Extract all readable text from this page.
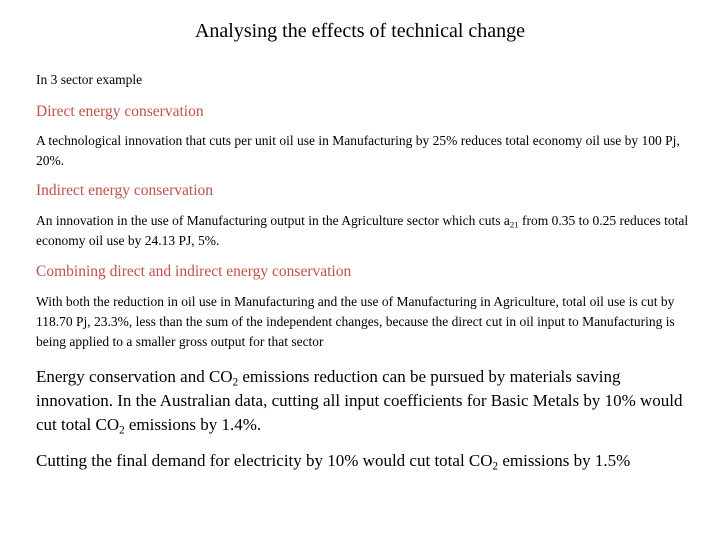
Analysing the effects of technical change
In 3 sector example
Direct energy conservation
A technological innovation that cuts per unit oil use in Manufacturing by 25% reduces total economy oil use by 100 Pj, 20%.
Indirect energy conservation
An innovation in the use of Manufacturing output in the Agriculture sector which cuts $a_{21}$ from 0.35 to 0.25 reduces total economy oil use by 24.13 PJ, 5%.
Combining direct and indirect energy conservation
With both the reduction in oil use in Manufacturing and the use of Manufacturing in Agriculture, total oil use is cut by 118.70 Pj, 23.3%, less than the sum of the independent changes, because the direct cut in oil input to Manufacturing is being applied to a smaller gross output for that sector
Energy conservation and $CO_2$ emissions reduction can be pursued by materials saving innovation. In the Australian data, cutting all input coefficients for Basic Metals by 10% would cut total $CO_2$ emissions by 1.4%.
Cutting the final demand for electricity by 10% would cut total $CO_2$ emissions by 1.5%
